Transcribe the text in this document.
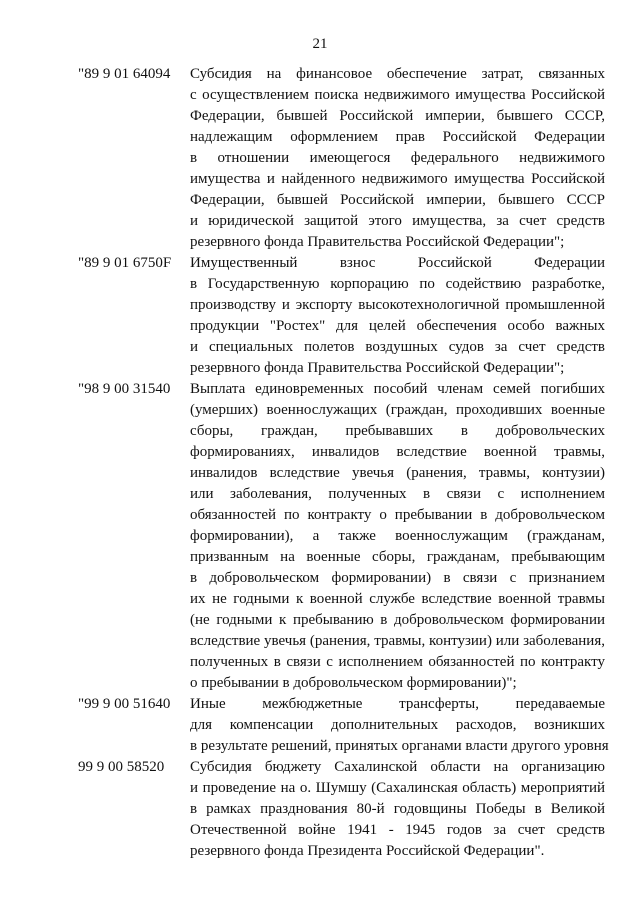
21
"89 9 01 64094	Субсидия на финансовое обеспечение затрат, связанных
с осуществлением поиска недвижимого имущества Российской
Федерации, бывшей Российской империи, бывшего СССР,
надлежащим оформлением прав Российской Федерации
в отношении имеющегося федерального недвижимого
имущества и найденного недвижимого имущества Российской
Федерации, бывшей Российской империи, бывшего СССР
и юридической защитой этого имущества, за счет средств
резервного фонда Правительства Российской Федерации";
"89 9 01 6750F	Имущественный взнос Российской Федерации
в Государственную корпорацию по содействию разработке,
производству и экспорту высокотехнологичной промышленной
продукции "Ростех" для целей обеспечения особо важных
и специальных полетов воздушных судов за счет средств
резервного фонда Правительства Российской Федерации";
"98 9 00 31540	Выплата единовременных пособий членам семей погибших
(умерших) военнослужащих (граждан, проходивших военные
сборы, граждан, пребывавших в добровольческих
формированиях, инвалидов вследствие военной травмы,
инвалидов вследствие увечья (ранения, травмы, контузии)
или заболевания, полученных в связи с исполнением
обязанностей по контракту о пребывании в добровольческом
формировании), а также военнослужащим (гражданам,
призванным на военные сборы, гражданам, пребывающим
в добровольческом формировании) в связи с признанием
их не годными к военной службе вследствие военной травмы
(не годными к пребыванию в добровольческом формировании
вследствие увечья (ранения, травмы, контузии) или заболевания,
полученных в связи с исполнением обязанностей по контракту
о пребывании в добровольческом формировании)";
"99 9 00 51640	Иные межбюджетные трансферты, передаваемые
для компенсации дополнительных расходов, возникших
в результате решений, принятых органами власти другого уровня
99 9 00 58520	Субсидия бюджету Сахалинской области на организацию
и проведение на о. Шумшу (Сахалинская область) мероприятий
в рамках празднования 80-й годовщины Победы в Великой
Отечественной войне 1941 - 1945 годов за счет средств
резервного фонда Президента Российской Федерации".
